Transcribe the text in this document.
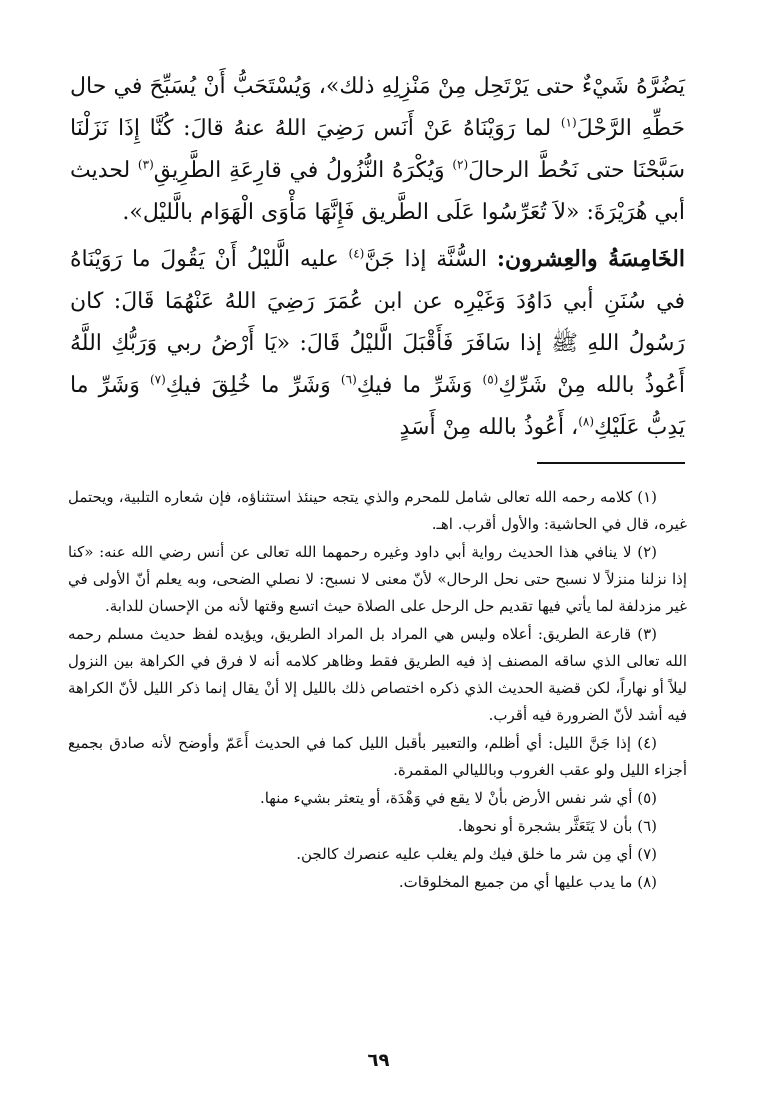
يَضُرَّهُ شَيْءٌ حتى يَرْتَحِل مِنْ مَنْزِلِهِ ذلك»، وَيُسْتَحَبُّ أَنْ يُسَبِّحَ في حال حَطِّهِ الرَّحْلَ$^{(١)}$ لما رَوَيْنَاهُ عَنْ أَنَس رَضِيَ اللهُ عنهُ قالَ: كُنَّا إِذَا نَزَلْنَا سَبَّحْنَا حتى نَحُطَّ الرحالَ$^{(٢)}$ وَيُكْرَهُ النُّزُولُ في قارِعَةِ الطَّرِيقِ$^{(٣)}$ لحديث أبي هُرَيْرَةَ: «لاَ تُعَرِّسُوا عَلَى الطَّريق فَإِنَّهَا مَأْوَى الْهَوَام بالَّليْل».

الخَامِسَةُ والعِشرون: السُّنَّة إذا جَنَّ$^{(٤)}$ عليه الَّليْلُ أَنْ يَقُولَ ما رَوَيْنَاهُ في سُنَنِ أبي دَاوُدَ وَغَيْرِه عن ابن عُمَرَ رَضِيَ اللهُ عَنْهُمَا قَالَ: كان رَسُولُ اللهِ ﷺ إذا سَافَرَ فَأَقْبَلَ الَّليْلُ قَالَ: «يَا أَرْضُ ربي وَرَبُّكِ اللَّهُ أَعُوذُ بالله مِنْ شَرِّكِ$^{(٥)}$ وَشَرِّ ما فيكِ$^{(٦)}$ وَشَرِّ ما خُلِقَ فيكِ$^{(٧)}$ وَشَرِّ ما يَدِبُّ عَلَيْكِ$^{(٨)}$، أَعُوذُ بالله مِنْ أَسَدٍ

(١) كلامه رحمه الله تعالى شامل للمحرم والذي يتجه حينئذ استثناؤه، فإن شعاره التلبية، ويحتمل غيره، قال في الحاشية: والأول أقرب. اهـ.

(٢) لا ينافي هذا الحديث رواية أبي داود وغيره رحمهما الله تعالى عن أنس رضي الله عنه: «كنا إذا نزلنا منزلاً لا نسبح حتى نحل الرحال» لأنّ معنى لا نسبح: لا نصلي الضحى، وبه يعلم أنّ الأولى في غير مزدلفة لما يأتي فيها تقديم حل الرحل على الصلاة حيث اتسع وقتها لأنه من الإحسان للدابة.

(٣) قارعة الطريق: أعلاه وليس هي المراد بل المراد الطريق، ويؤيده لفظ حديث مسلم رحمه الله تعالى الذي ساقه المصنف إذ فيه الطريق فقط وظاهر كلامه أنه لا فرق في الكراهة بين النزول ليلاً أو نهاراً، لكن قضية الحديث الذي ذكره اختصاص ذلك بالليل إلا أنْ يقال إنما ذكر الليل لأنّ الكراهة فيه أشد لأنّ الضرورة فيه أقرب.

(٤) إذا جَنَّ الليل: أي أظلم، والتعبير بأقبل الليل كما في الحديث أَعَمّ وأوضح لأنه صادق بجميع أجزاء الليل ولو عقب الغروب وبالليالي المقمرة.

(٥) أي شر نفس الأرض بأنْ لا يقع في وَهْدَة، أو يتعثر بشيء منها.

(٦) بأن لا يَتَعَثَّر بشجرة أو نحوها.

(٧) أي مِن شر ما خلق فيك ولم يغلب عليه عنصرك كالجن.

(٨) ما يدب عليها أي من جميع المخلوقات.

٦٩
